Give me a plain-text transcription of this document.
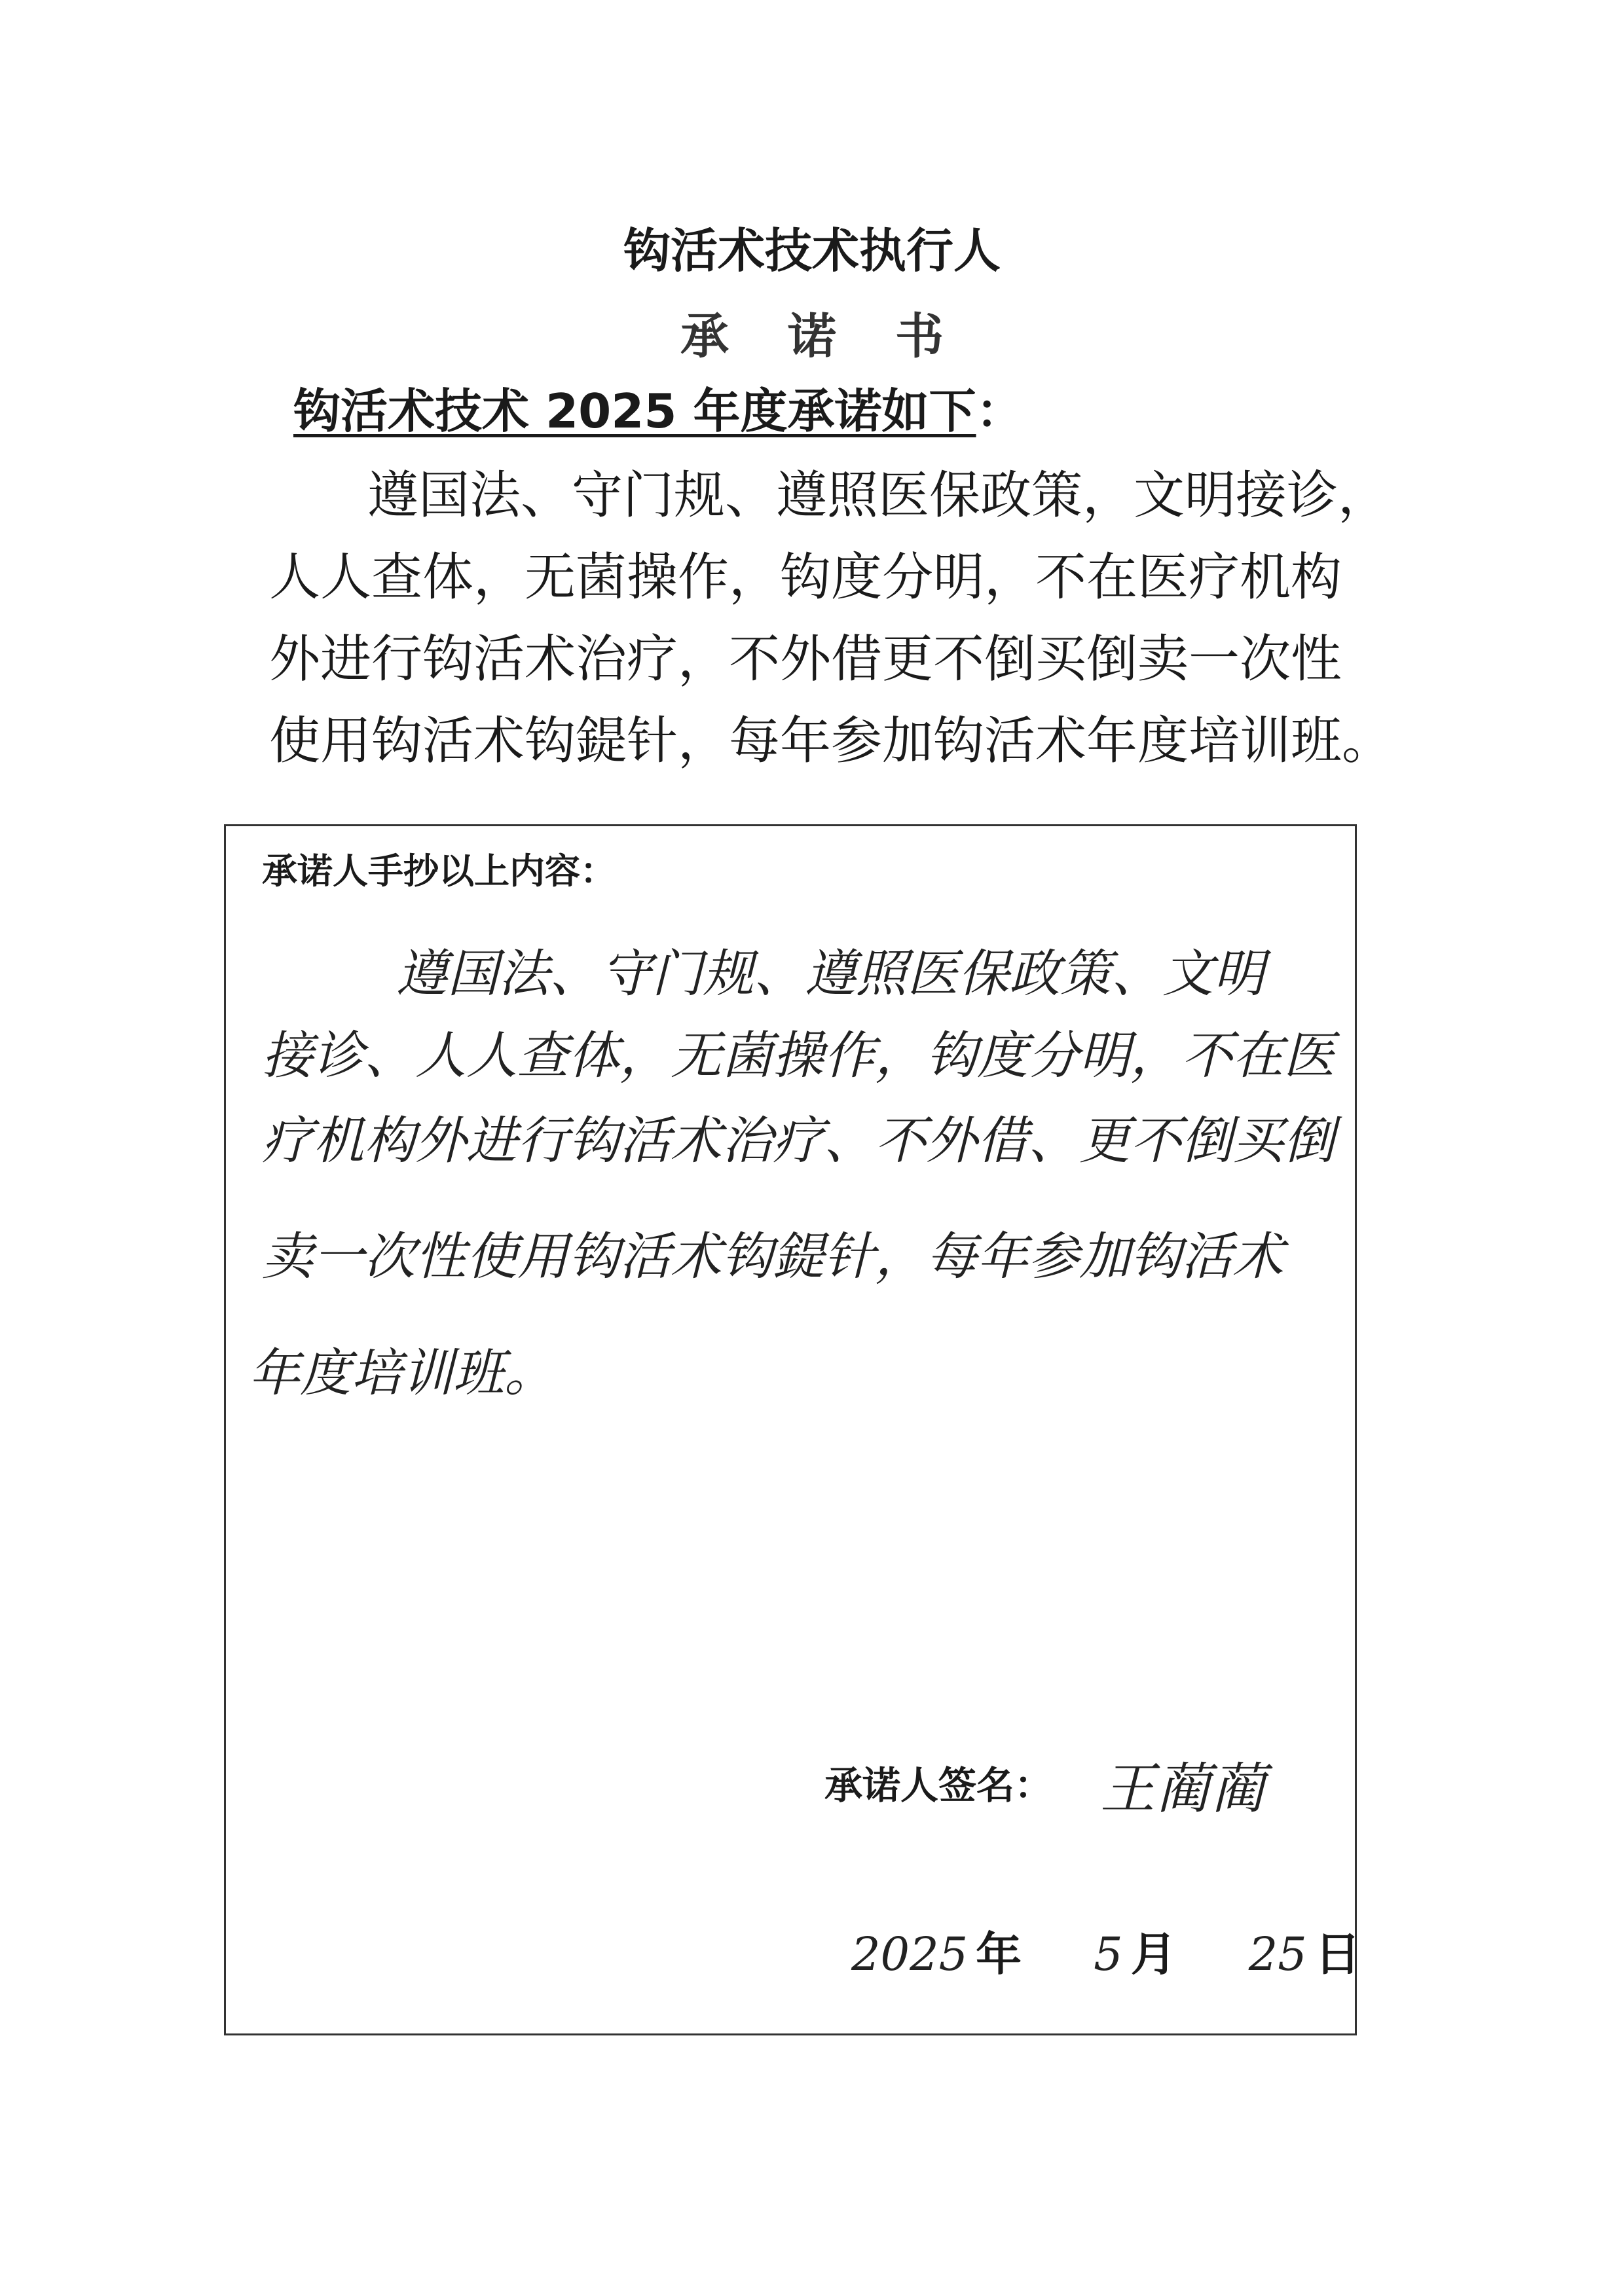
钩活术技术执行人
承诺书
钩活术技术 2025 年度承诺如下：
遵国法、守门规、遵照医保政策，文明接诊，
人人查体，无菌操作，钩度分明，不在医疗机构
外进行钩活术治疗，不外借更不倒买倒卖一次性
使用钩活术钩鍉针，每年参加钩活术年度培训班。
承诺人手抄以上内容：
遵国法、守门规、遵照医保政策、文明
接诊、人人查体，无菌操作，钩度分明，不在医
疗机构外进行钩活术治疗、不外借、更不倒买倒
卖一次性使用钩活术钩鍉针，每年参加钩活术
年度培训班。
承诺人签名： 王蔺蔺
2025 年 5 月 25 日
